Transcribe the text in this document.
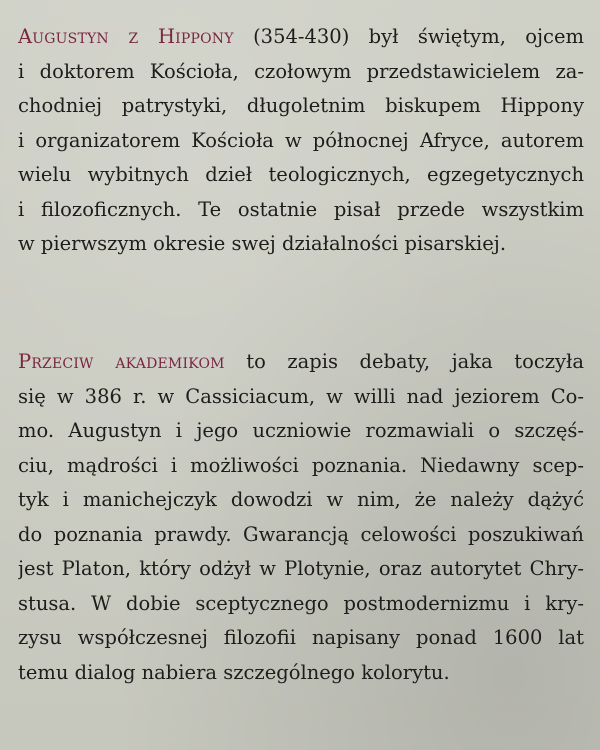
Augustyn z Hippony (354-430) był świętym, ojcem
i doktorem Kościoła, czołowym przedstawicielem za-
chodniej patrystyki, długoletnim biskupem Hippony
i organizatorem Kościoła w północnej Afryce, autorem
wielu wybitnych dzieł teologicznych, egzegetycznych
i filozoficznych. Te ostatnie pisał przede wszystkim
w pierwszym okresie swej działalności pisarskiej.

Przeciw akademikom to zapis debaty, jaka toczyła
się w 386 r. w Cassiciacum, w willi nad jeziorem Co-
mo. Augustyn i jego uczniowie rozmawiali o szczęś-
ciu, mądrości i możliwości poznania. Niedawny scep-
tyk i manichejczyk dowodzi w nim, że należy dążyć
do poznania prawdy. Gwarancją celowości poszukiwań
jest Platon, który odżył w Plotynie, oraz autorytet Chry-
stusa. W dobie sceptycznego postmodernizmu i kry-
zysu współczesnej filozofii napisany ponad 1600 lat
temu dialog nabiera szczególnego kolorytu.
